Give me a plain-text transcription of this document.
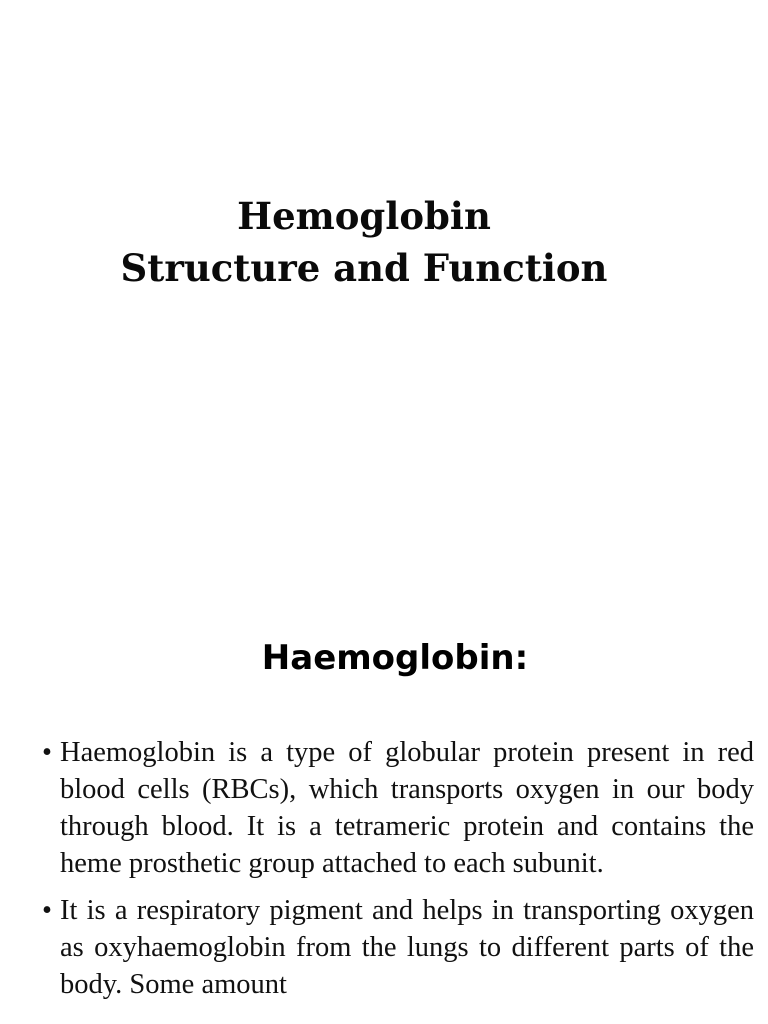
Hemoglobin
Structure and Function
Haemoglobin:
• Haemoglobin is a type of globular protein present in red blood cells (RBCs), which transports oxygen in our body through blood. It is a tetrameric protein and contains the heme prosthetic group attached to each subunit.
• It is a respiratory pigment and helps in transporting oxygen as oxyhaemoglobin from the lungs to different parts of the body. Some amount
